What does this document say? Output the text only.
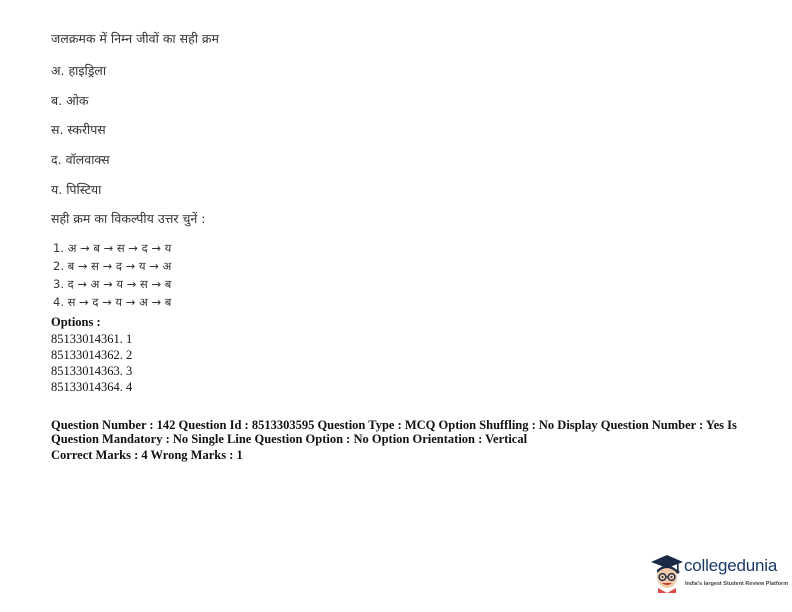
जलक्रमक में निम्न जीवों का सही क्रम
अ. हाइड्रिला
ब. ओक
स. स्करीपस
द. वॉलवाक्स
य. पिस्टिया
सही क्रम का विकल्पीय उत्तर चुनें :
1. अ → ब → स → द → य
2. ब → स → द → य → अ
3. द → अ → य → स → ब
4. स → द → य → अ → ब
Options :
85133014361. 1
85133014362. 2
85133014363. 3
85133014364. 4
Question Number : 142 Question Id : 8513303595 Question Type : MCQ Option Shuffling : No Display Question Number : Yes Is
Question Mandatory : No Single Line Question Option : No Option Orientation : Vertical
Correct Marks : 4 Wrong Marks : 1
collegedunia
India's largest Student Review Platform
